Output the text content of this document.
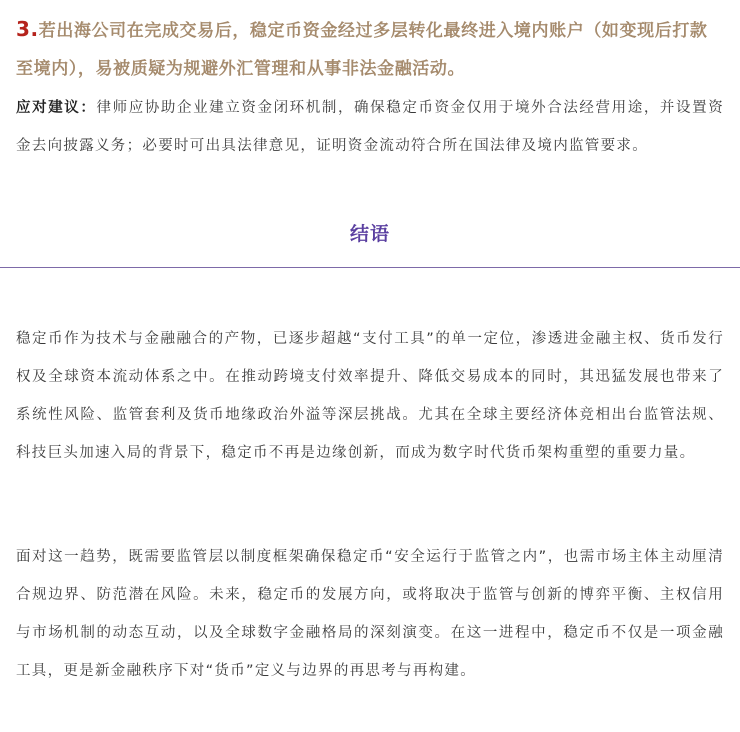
3.若出海公司在完成交易后，稳定币资金经过多层转化最终进入境内账户（如变现后打款至境内），易被质疑为规避外汇管理和从事非法金融活动。
应对建议：律师应协助企业建立资金闭环机制，确保稳定币资金仅用于境外合法经营用途，并设置资金去向披露义务；必要时可出具法律意见，证明资金流动符合所在国法律及境内监管要求。
结语
稳定币作为技术与金融融合的产物，已逐步超越“支付工具”的单一定位，渗透进金融主权、货币发行权及全球资本流动体系之中。在推动跨境支付效率提升、降低交易成本的同时，其迅猛发展也带来了系统性风险、监管套利及货币地缘政治外溢等深层挑战。尤其在全球主要经济体竞相出台监管法规、科技巨头加速入局的背景下，稳定币不再是边缘创新，而成为数字时代货币架构重塑的重要力量。
面对这一趋势，既需要监管层以制度框架确保稳定币“安全运行于监管之内”，也需市场主体主动厘清合规边界、防范潜在风险。未来，稳定币的发展方向，或将取决于监管与创新的博弈平衡、主权信用与市场机制的动态互动，以及全球数字金融格局的深刻演变。在这一进程中，稳定币不仅是一项金融工具，更是新金融秩序下对“货币”定义与边界的再思考与再构建。
